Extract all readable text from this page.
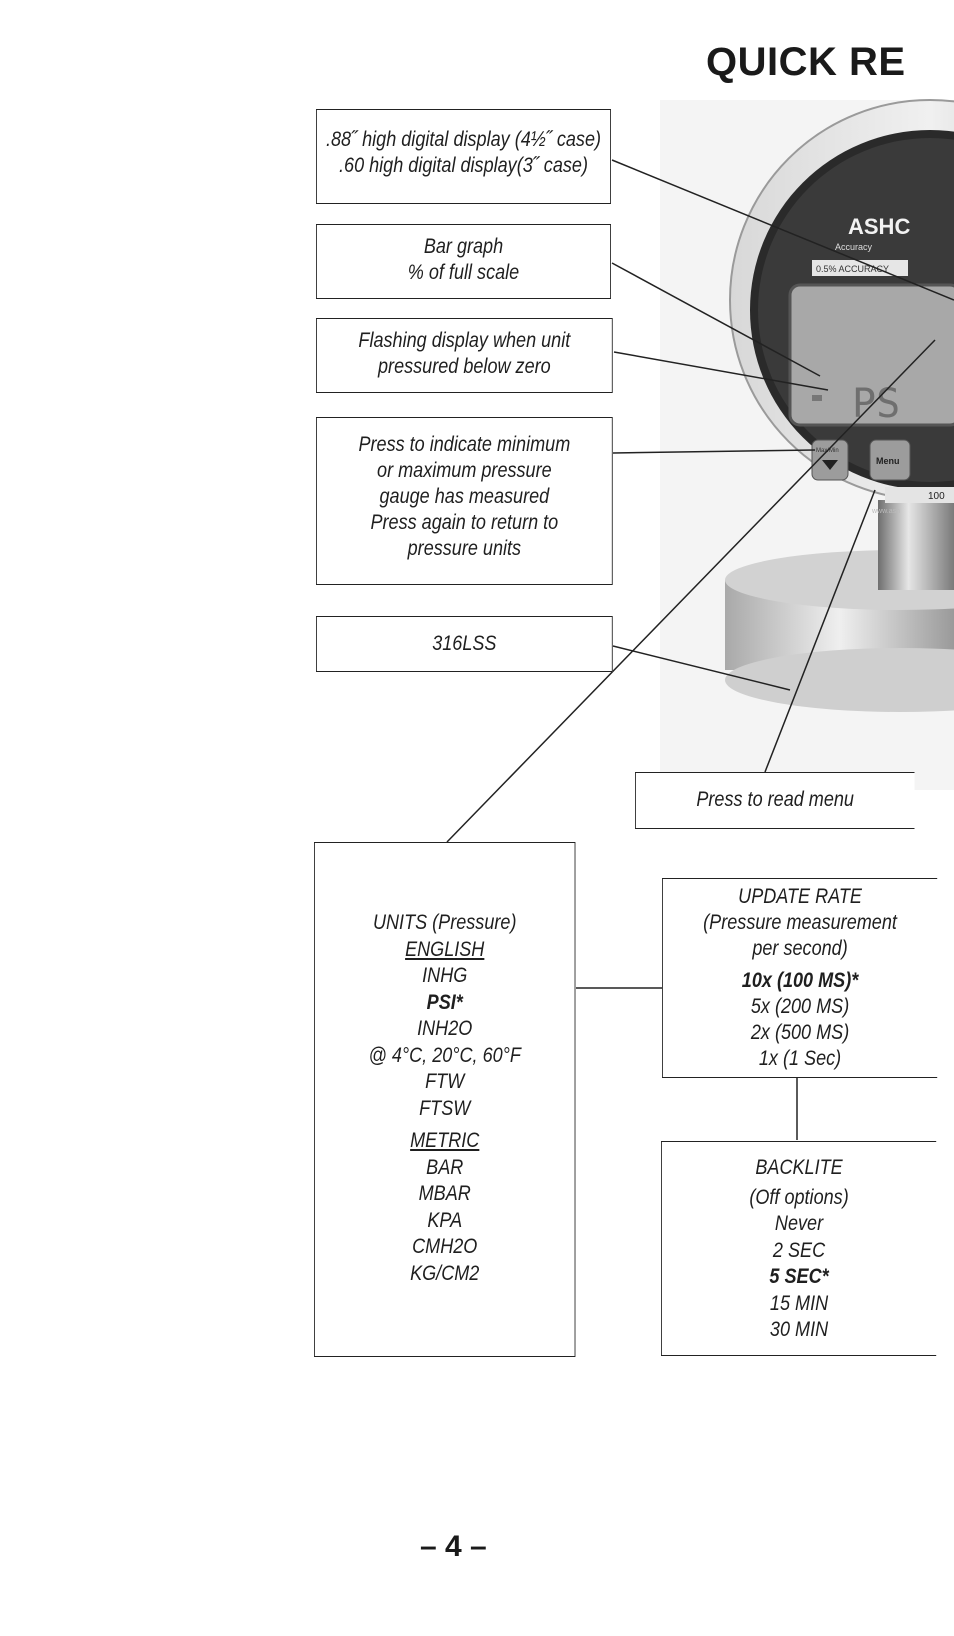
QUICK RE
ASHC
Accuracy
0.5% ACCURACY
PS
Max/Min
Menu
100
www.ash
.88˝ high digital display (4½˝ case)
.60 high digital display(3˝ case)
Bar graph
% of full scale
Flashing display when unit
pressured below zero
Press to indicate minimum
or maximum pressure
gauge has measured
Press again to return to
pressure units
316LSS
Press to read menu
UNITS (Pressure)
ENGLISH
INHG
PSI*
INH2O
@ 4°C, 20°C, 60°F
FTW
FTSW
METRIC
BAR
MBAR
KPA
CMH2O
KG/CM2
UPDATE RATE
(Pressure measurement
per second)
10x (100 MS)*
5x (200 MS)
2x (500 MS)
1x (1 Sec)
BACKLITE
(Off options)
Never
2 SEC
5 SEC*
15 MIN
30 MIN
– 4 –
